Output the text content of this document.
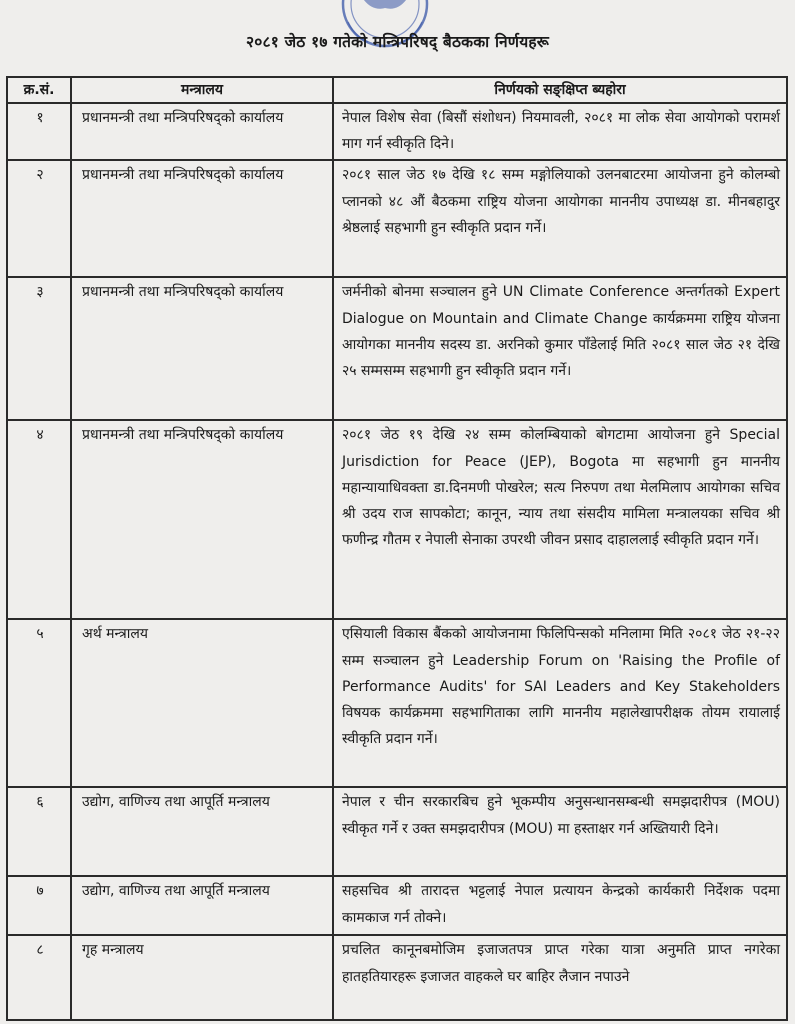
२०८१ जेठ १७ गतेको मन्त्रिपरिषद् बैठकका निर्णयहरू
क्र.सं.	मन्त्रालय	निर्णयको सङ्क्षिप्त ब्यहोरा
१	प्रधानमन्त्री तथा मन्त्रिपरिषद्को कार्यालय	नेपाल विशेष सेवा (बिसौं संशोधन) नियमावली, २०८१ मा लोक सेवा आयोगको परामर्श माग गर्न स्वीकृति दिने।
२	प्रधानमन्त्री तथा मन्त्रिपरिषद्को कार्यालय	२०८१ साल जेठ १७ देखि १८ सम्म मङ्गोलियाको उलनबाटरमा आयोजना हुने कोलम्बो प्लानको ४८ औं बैठकमा राष्ट्रिय योजना आयोगका माननीय उपाध्यक्ष डा. मीनबहादुर श्रेष्ठलाई सहभागी हुन स्वीकृति प्रदान गर्ने।
३	प्रधानमन्त्री तथा मन्त्रिपरिषद्को कार्यालय	जर्मनीको बोनमा सञ्चालन हुने UN Climate Conference अन्तर्गतको Expert Dialogue on Mountain and Climate Change कार्यक्रममा राष्ट्रिय योजना आयोगका माननीय सदस्य डा. अरनिको कुमार पाँडेलाई मिति २०८१ साल जेठ २१ देखि २५ सम्मसम्म सहभागी हुन स्वीकृति प्रदान गर्ने।
४	प्रधानमन्त्री तथा मन्त्रिपरिषद्को कार्यालय	२०८१ जेठ १९ देखि २४ सम्म कोलम्बियाको बोगटामा आयोजना हुने Special Jurisdiction for Peace (JEP), Bogota मा सहभागी हुन माननीय महान्यायाधिवक्ता डा.दिनमणी पोखरेल; सत्य निरुपण तथा मेलमिलाप आयोगका सचिव श्री उदय राज सापकोटा; कानून, न्याय तथा संसदीय मामिला मन्त्रालयका सचिव श्री फणीन्द्र गौतम र नेपाली सेनाका उपरथी जीवन प्रसाद दाहाललाई स्वीकृति प्रदान गर्ने।
५	अर्थ मन्त्रालय	एसियाली विकास बैंकको आयोजनामा फिलिपिन्सको मनिलामा मिति २०८१ जेठ २१-२२ सम्म सञ्चालन हुने Leadership Forum on 'Raising the Profile of Performance Audits' for SAI Leaders and Key Stakeholders विषयक कार्यक्रममा सहभागिताका लागि माननीय महालेखापरीक्षक तोयम रायालाई स्वीकृति प्रदान गर्ने।
६	उद्योग, वाणिज्य तथा आपूर्ति मन्त्रालय	नेपाल र चीन सरकारबिच हुने भूकम्पीय अनुसन्धानसम्बन्धी समझदारीपत्र (MOU) स्वीकृत गर्ने र उक्त समझदारीपत्र (MOU) मा हस्ताक्षर गर्न अख्तियारी दिने।
७	उद्योग, वाणिज्य तथा आपूर्ति मन्त्रालय	सहसचिव श्री तारादत्त भट्टलाई नेपाल प्रत्यायन केन्द्रको कार्यकारी निर्देशक पदमा कामकाज गर्न तोक्ने।
८	गृह मन्त्रालय	प्रचलित कानूनबमोजिम इजाजतपत्र प्राप्त गरेका यात्रा अनुमति प्राप्त नगरेका हातहतियारहरू इजाजत वाहकले घर बाहिर लैजान नपाउने
